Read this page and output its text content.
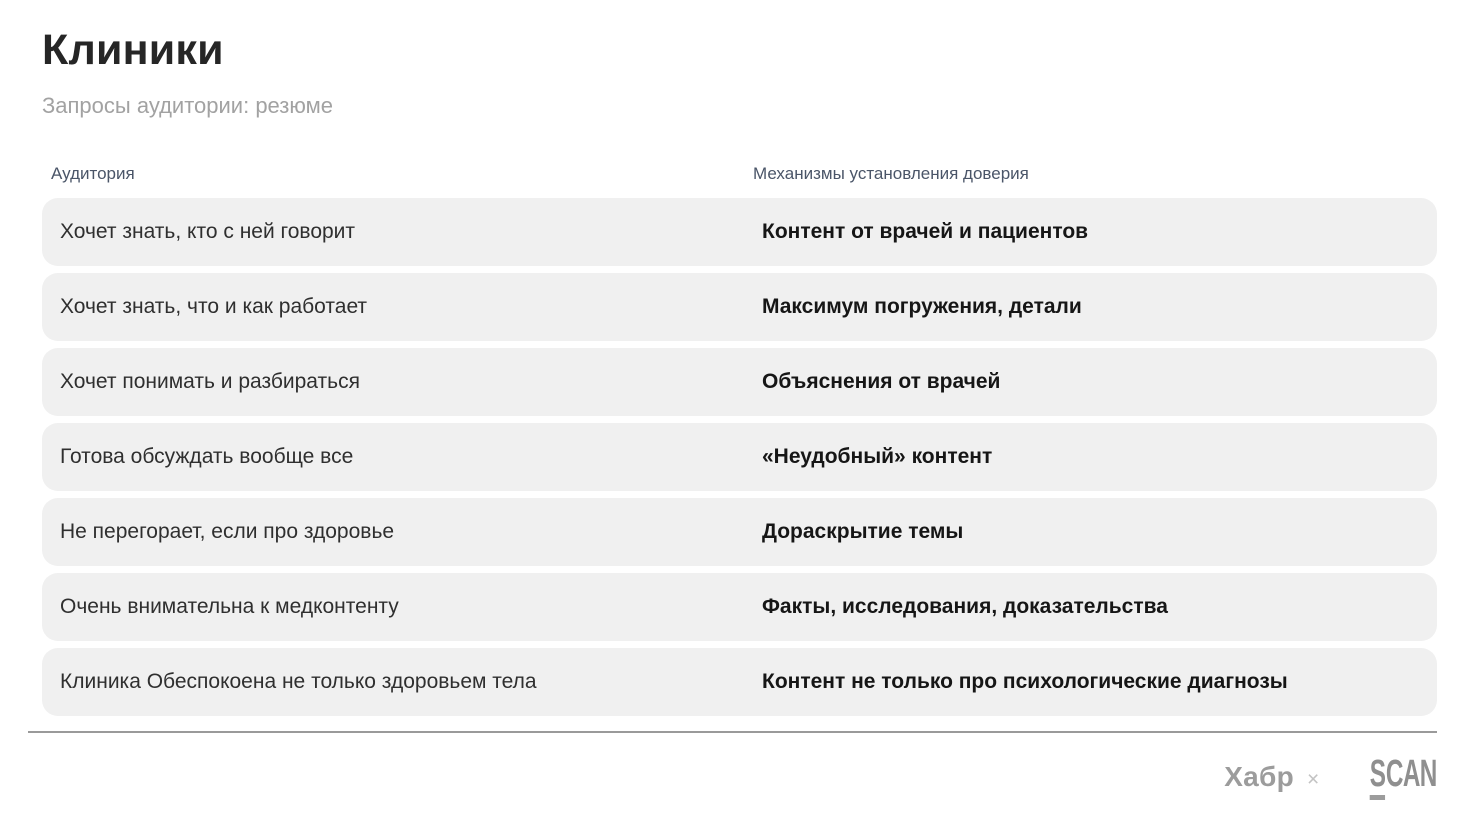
Клиники

Запросы аудитории: резюме

Аудитория	Механизмы установления доверия
Хочет знать, кто с ней говорит	Контент от врачей и пациентов
Хочет знать, что и как работает	Максимум погружения, детали
Хочет понимать и разбираться	Объяснения от врачей
Готова обсуждать вообще все	«Неудобный» контент
Не перегорает, если про здоровье	Дораскрытие темы
Очень внимательна к медконтенту	Факты, исследования, доказательства
Клиника Обеспокоена не только здоровьем тела	Контент не только про психологические диагнозы
Хабр × SCAN
